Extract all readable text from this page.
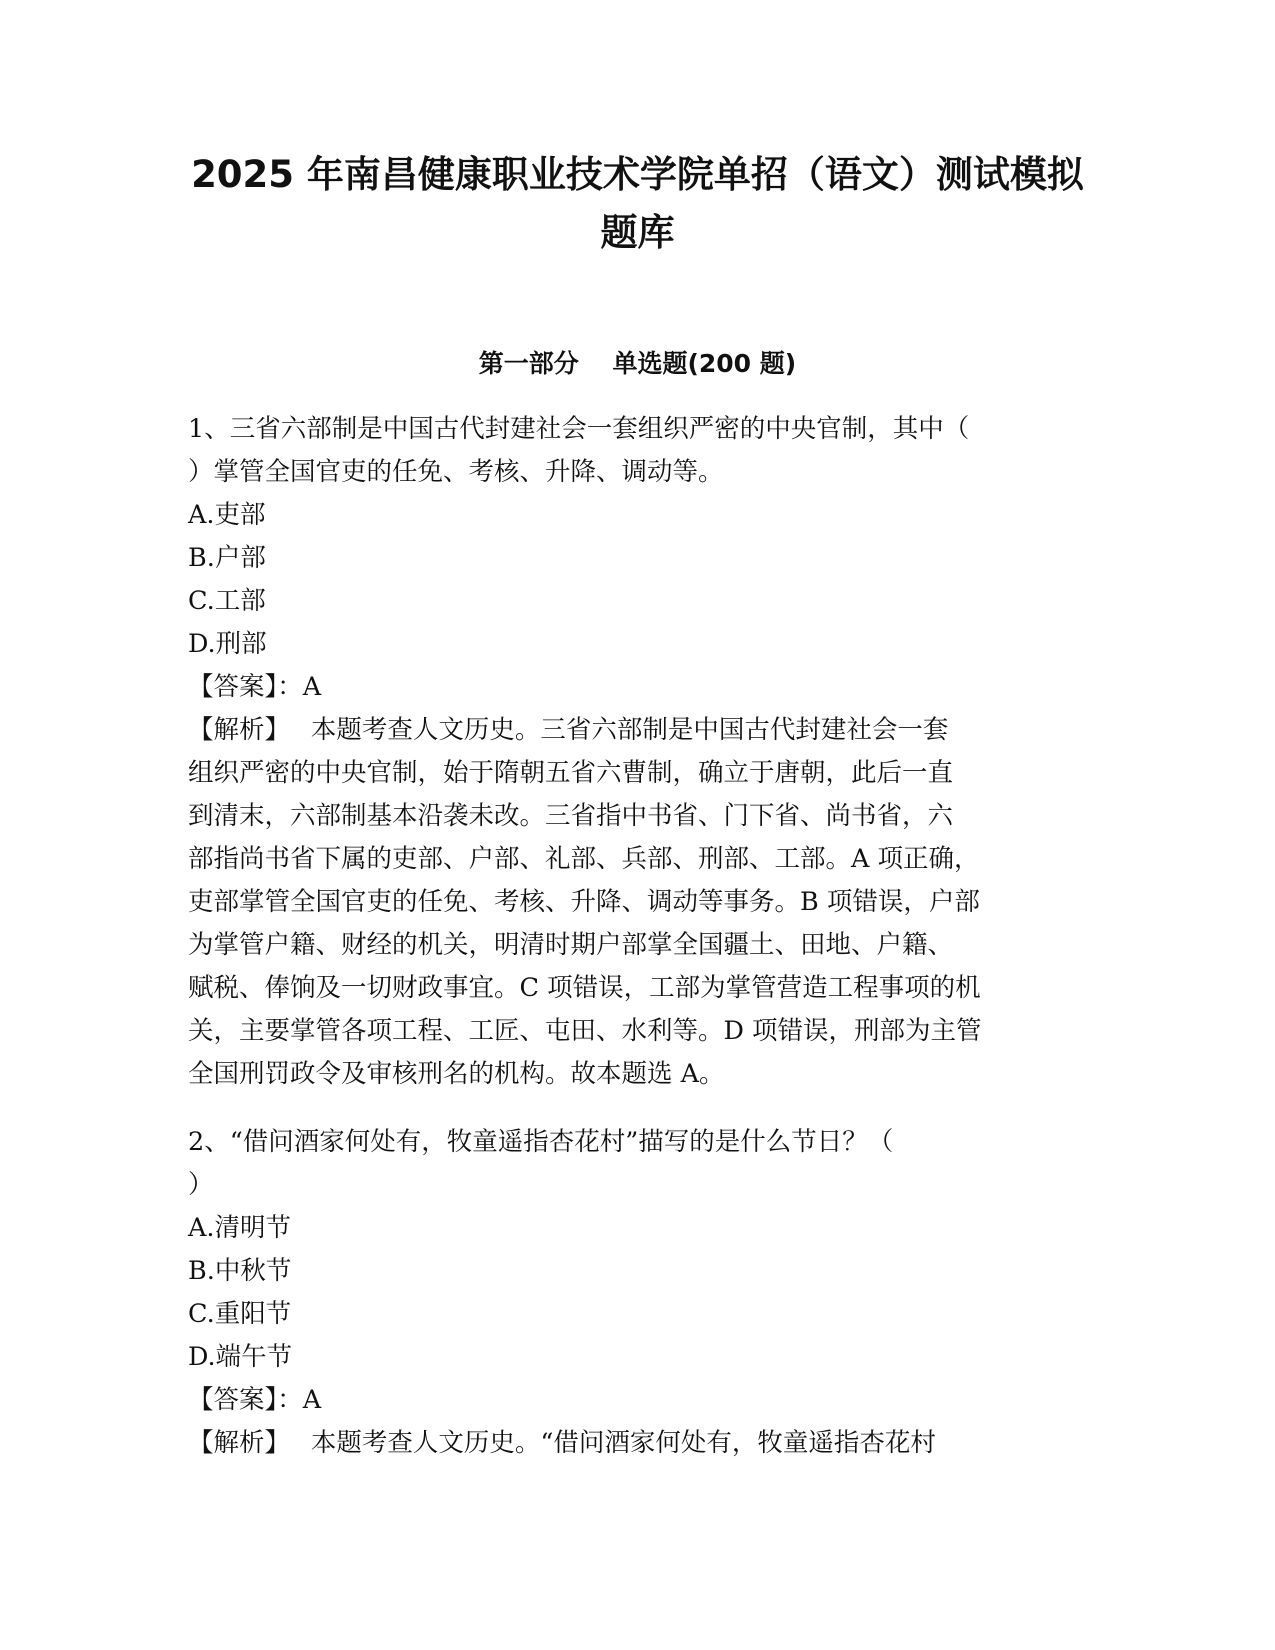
2025 年南昌健康职业技术学院单招（语文）测试模拟
题库
第一部分　 单选题(200 题)
1、三省六部制是中国古代封建社会一套组织严密的中央官制，其中（
）掌管全国官吏的任免、考核、升降、调动等。
A.吏部
B.户部
C.工部
D.刑部
【答案】：A
【解析】　 本题考查人文历史。三省六部制是中国古代封建社会一套
组织严密的中央官制，始于隋朝五省六曹制，确立于唐朝，此后一直
到清末，六部制基本沿袭未改。三省指中书省、门下省、尚书省，六
部指尚书省下属的吏部、户部、礼部、兵部、刑部、工部。A 项正确，
吏部掌管全国官吏的任免、考核、升降、调动等事务。B 项错误，户部
为掌管户籍、财经的机关，明清时期户部掌全国疆土、田地、户籍、
赋税、俸饷及一切财政事宜。C 项错误，工部为掌管营造工程事项的机
关，主要掌管各项工程、工匠、屯田、水利等。D 项错误，刑部为主管
全国刑罚政令及审核刑名的机构。故本题选 A。
2、“借问酒家何处有，牧童遥指杏花村”描写的是什么节日？（
）
A.清明节
B.中秋节
C.重阳节
D.端午节
【答案】：A
【解析】　 本题考查人文历史。“借问酒家何处有，牧童遥指杏花村
